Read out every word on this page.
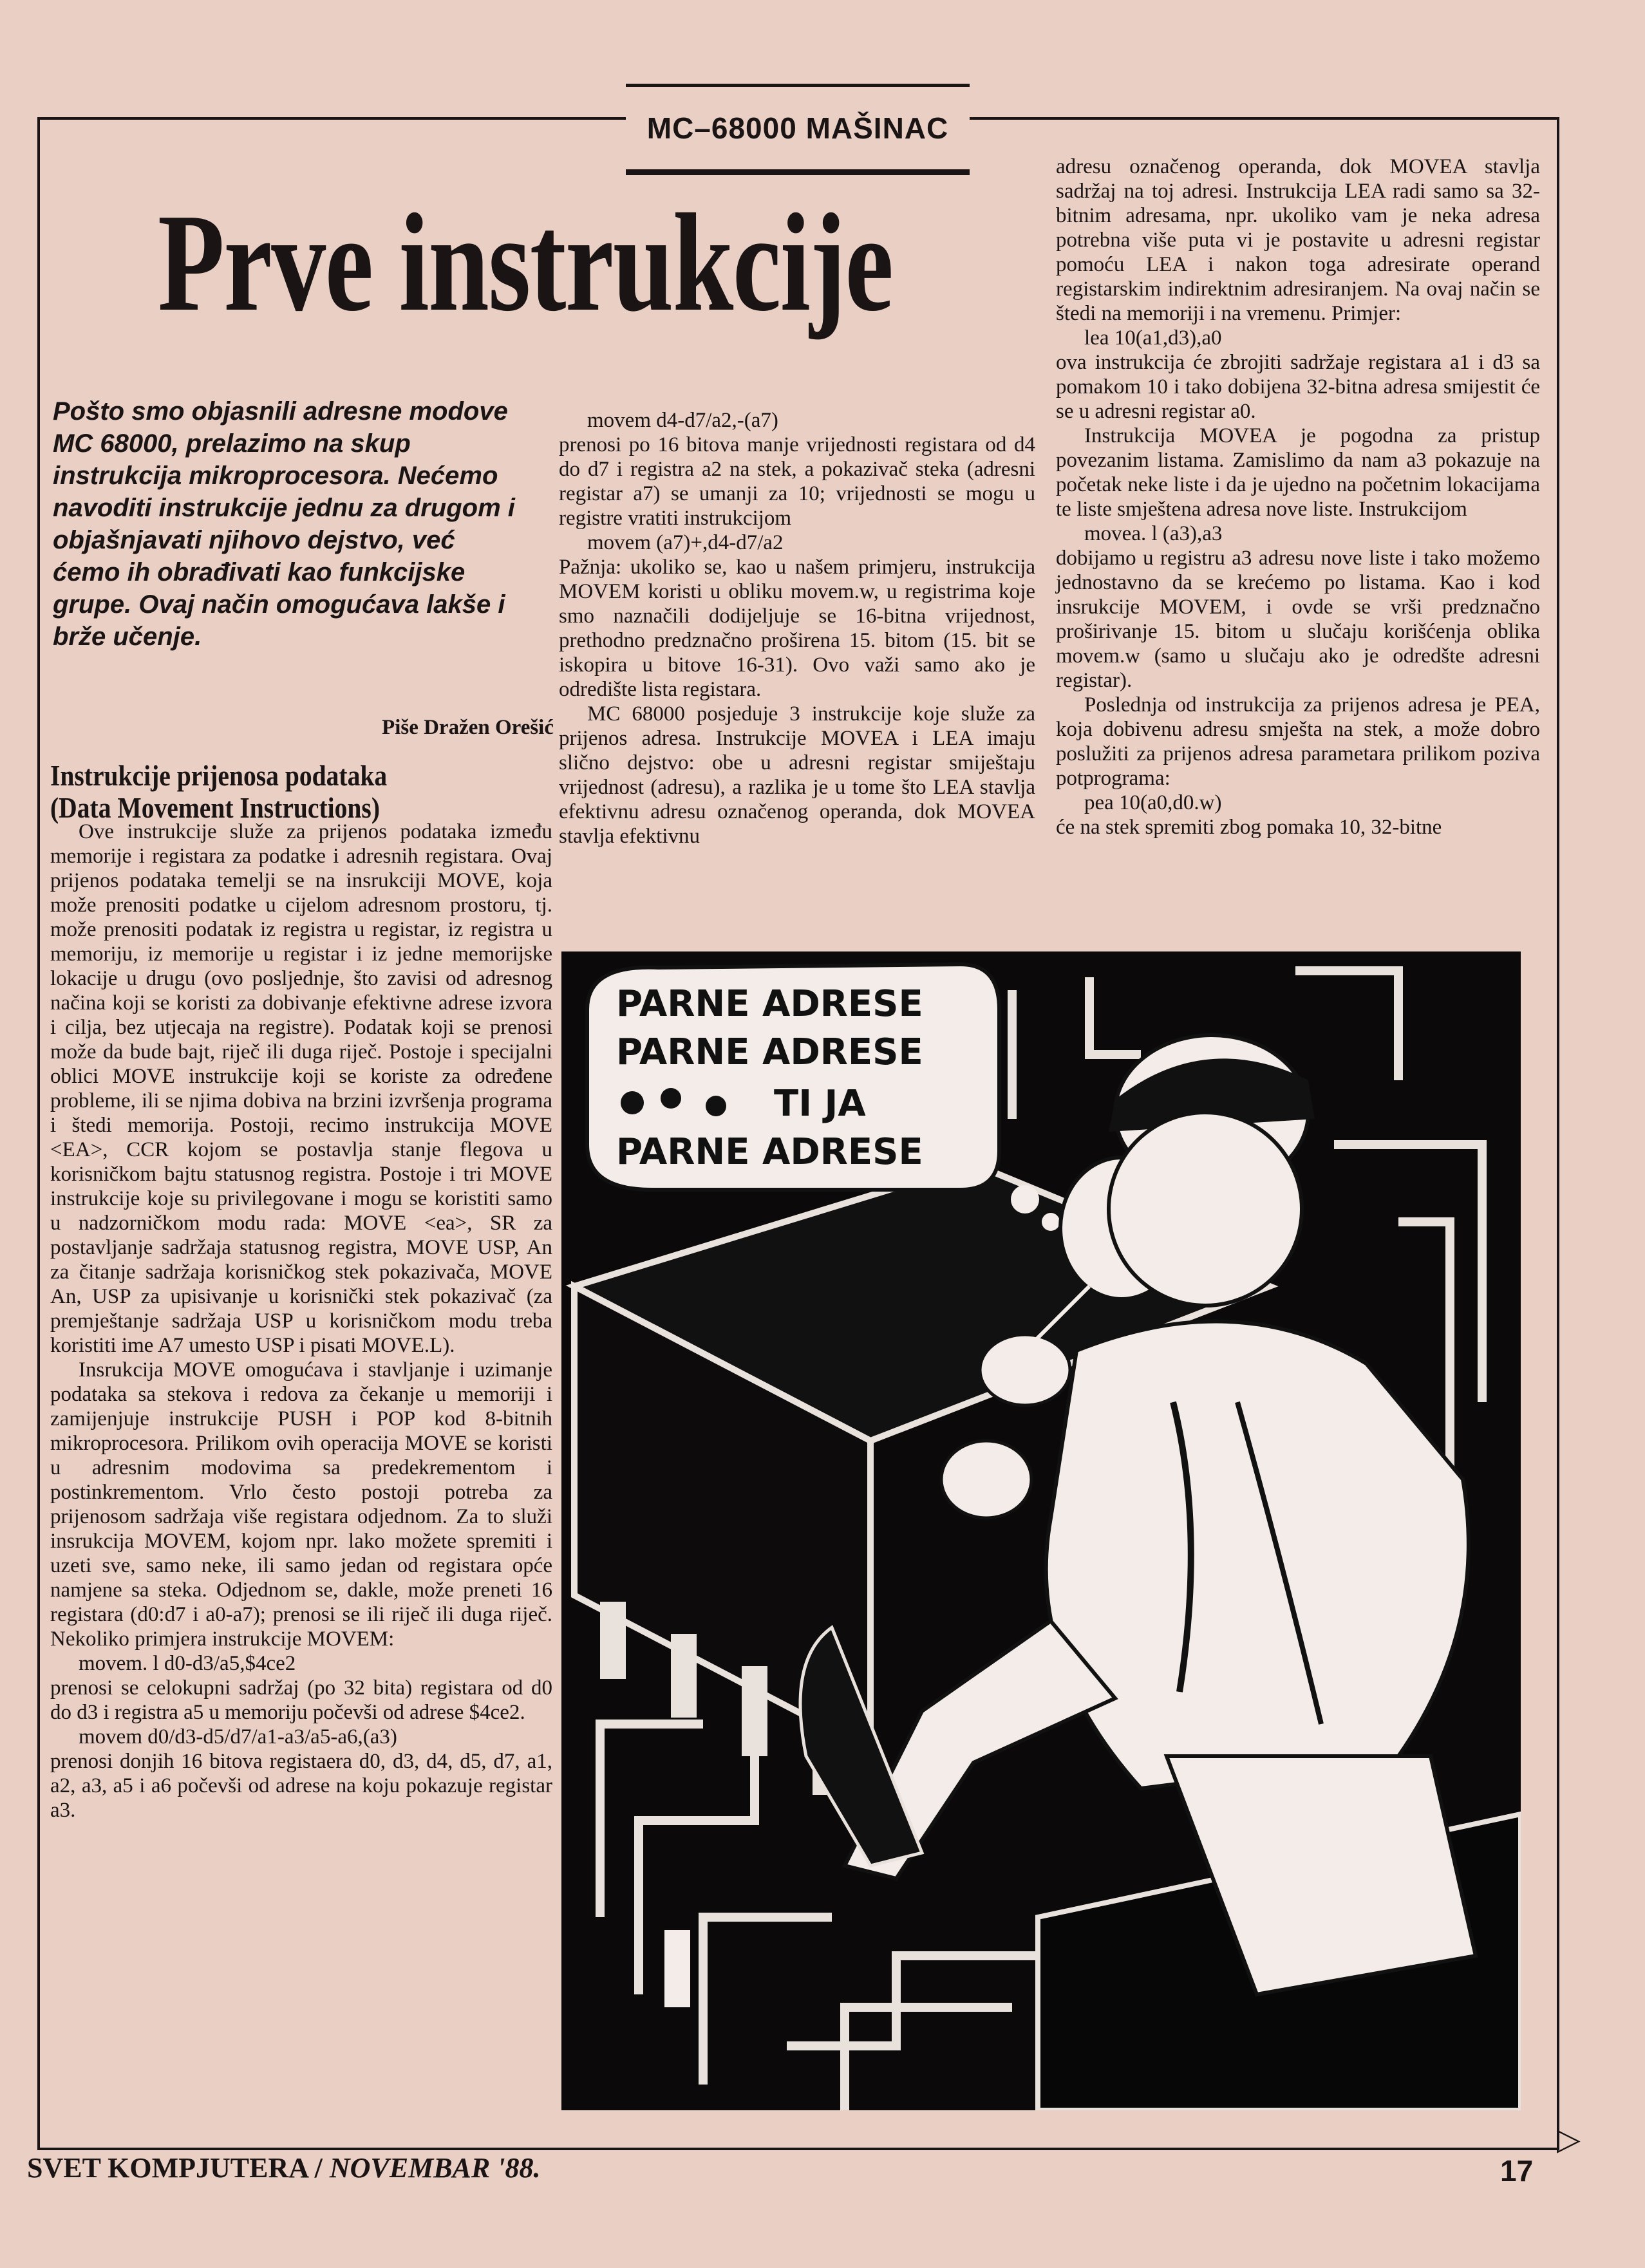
MC–68000 MAŠINAC
Prve instrukcije
Pošto smo objasnili adresne modove MC 68000, prelazimo na skup instrukcija mikroprocesora. Nećemo navoditi instrukcije jednu za drugom i objašnjavati njihovo dejstvo, već ćemo ih obrađivati kao funkcijske grupe. Ovaj način omogućava lakše i brže učenje.
Piše Dražen Orešić
Instrukcije prijenosa podataka
(Data Movement Instructions)

Ove instrukcije služe za prijenos podataka između memorije i registara za podatke i adresnih registara. Ovaj prijenos podataka temelji se na insrukciji MOVE, koja može prenositi podatke u cijelom adresnom prostoru, tj. može prenositi podatak iz registra u registar, iz registra u memoriju, iz memorije u registar i iz jedne memorijske lokacije u drugu (ovo posljednje, što zavisi od adresnog načina koji se koristi za dobivanje efektivne adrese izvora i cilja, bez utjecaja na registre). Podatak koji se prenosi može da bude bajt, riječ ili duga riječ. Postoje i specijalni oblici MOVE instrukcije koji se koriste za određene probleme, ili se njima dobiva na brzini izvršenja programa i štedi memorija. Postoji, recimo instrukcija MOVE <EA>, CCR kojom se postavlja stanje flegova u korisničkom bajtu statusnog registra. Postoje i tri MOVE instrukcije koje su privilegovane i mogu se koristiti samo u nadzorničkom modu rada: MOVE <ea>, SR za postavljanje sadržaja statusnog registra, MOVE USP, An za čitanje sadržaja korisničkog stek pokazivača, MOVE An, USP za upisivanje u korisnički stek pokazivač (za premještanje sadržaja USP u korisničkom modu treba koristiti ime A7 umesto USP i pisati MOVE.L).

Insrukcija MOVE omogućava i stavljanje i uzimanje podataka sa stekova i redova za čekanje u memoriji i zamijenjuje instrukcije PUSH i POP kod 8-bitnih mikroprocesora. Prilikom ovih operacija MOVE se koristi u adresnim modovima sa predekrementom i postinkrementom. Vrlo često postoji potreba za prijenosom sadržaja više registara odjednom. Za to služi insrukcija MOVEM, kojom npr. lako možete spremiti i uzeti sve, samo neke, ili samo jedan od registara opće namjene sa steka. Odjednom se, dakle, može preneti 16 registara (d0:d7 i a0-a7); prenosi se ili riječ ili duga riječ. Nekoliko primjera instrukcije MOVEM:

movem. l d0-d3/a5,$4ce2

prenosi se celokupni sadržaj (po 32 bita) registara od d0 do d3 i registra a5 u memoriju počevši od adrese $4ce2.

movem d0/d3-d5/d7/a1-a3/a5-a6,(a3)

prenosi donjih 16 bitova registaera d0, d3, d4, d5, d7, a1, a2, a3, a5 i a6 počevši od adrese na koju pokazuje registar a3.

movem d4-d7/a2,-(a7)

prenosi po 16 bitova manje vrijednosti registara od d4 do d7 i registra a2 na stek, a pokazivač steka (adresni registar a7) se umanji za 10; vrijednosti se mogu u registre vratiti instrukcijom

movem (a7)+,d4-d7/a2

Pažnja: ukoliko se, kao u našem primjeru, instrukcija MOVEM koristi u obliku movem.w, u registrima koje smo naznačili dodijeljuje se 16-bitna vrijednost, prethodno predznačno proširena 15. bitom (15. bit se iskopira u bitove 16-31). Ovo važi samo ako je odredište lista registara.

MC 68000 posjeduje 3 instrukcije koje služe za prijenos adresa. Instrukcije MOVEA i LEA imaju slično dejstvo: obe u adresni registar smiještaju vrijednost (adresu), a razlika je u tome što LEA stavlja efektivnu adresu označenog operanda, dok MOVEA stavlja efektivnu

adresu označenog operanda, dok MOVEA stavlja sadržaj na toj adresi. Instrukcija LEA radi samo sa 32-bitnim adresama, npr. ukoliko vam je neka adresa potrebna više puta vi je postavite u adresni registar pomoću LEA i nakon toga adresirate operand registarskim indirektnim adresiranjem. Na ovaj način se štedi na memoriji i na vremenu. Primjer:

lea 10(a1,d3),a0

ova instrukcija će zbrojiti sadržaje registara a1 i d3 sa pomakom 10 i tako dobijena 32-bitna adresa smijestit će se u adresni registar a0.

Instrukcija MOVEA je pogodna za pristup povezanim listama. Zamislimo da nam a3 pokazuje na početak neke liste i da je ujedno na početnim lokacijama te liste smještena adresa nove liste. Instrukcijom

movea. l (a3),a3

dobijamo u registru a3 adresu nove liste i tako možemo jednostavno da se krećemo po listama. Kao i kod insrukcije MOVEM, i ovde se vrši predznačno proširivanje 15. bitom u slučaju korišćenja oblika movem.w (samo u slučaju ako je odredšte adresni registar).

Poslednja od instrukcija za prijenos adresa je PEA, koja dobivenu adresu smješta na stek, a može dobro poslužiti za prijenos adresa parametara prilikom poziva potprograma:

pea 10(a0,d0.w)

će na stek spremiti zbog pomaka 10, 32-bitne

PARNE ADRESE
PARNE ADRESE
TI JA
PARNE ADRESE
SVET KOMPJUTERA / NOVEMBAR '88.
▷
17
